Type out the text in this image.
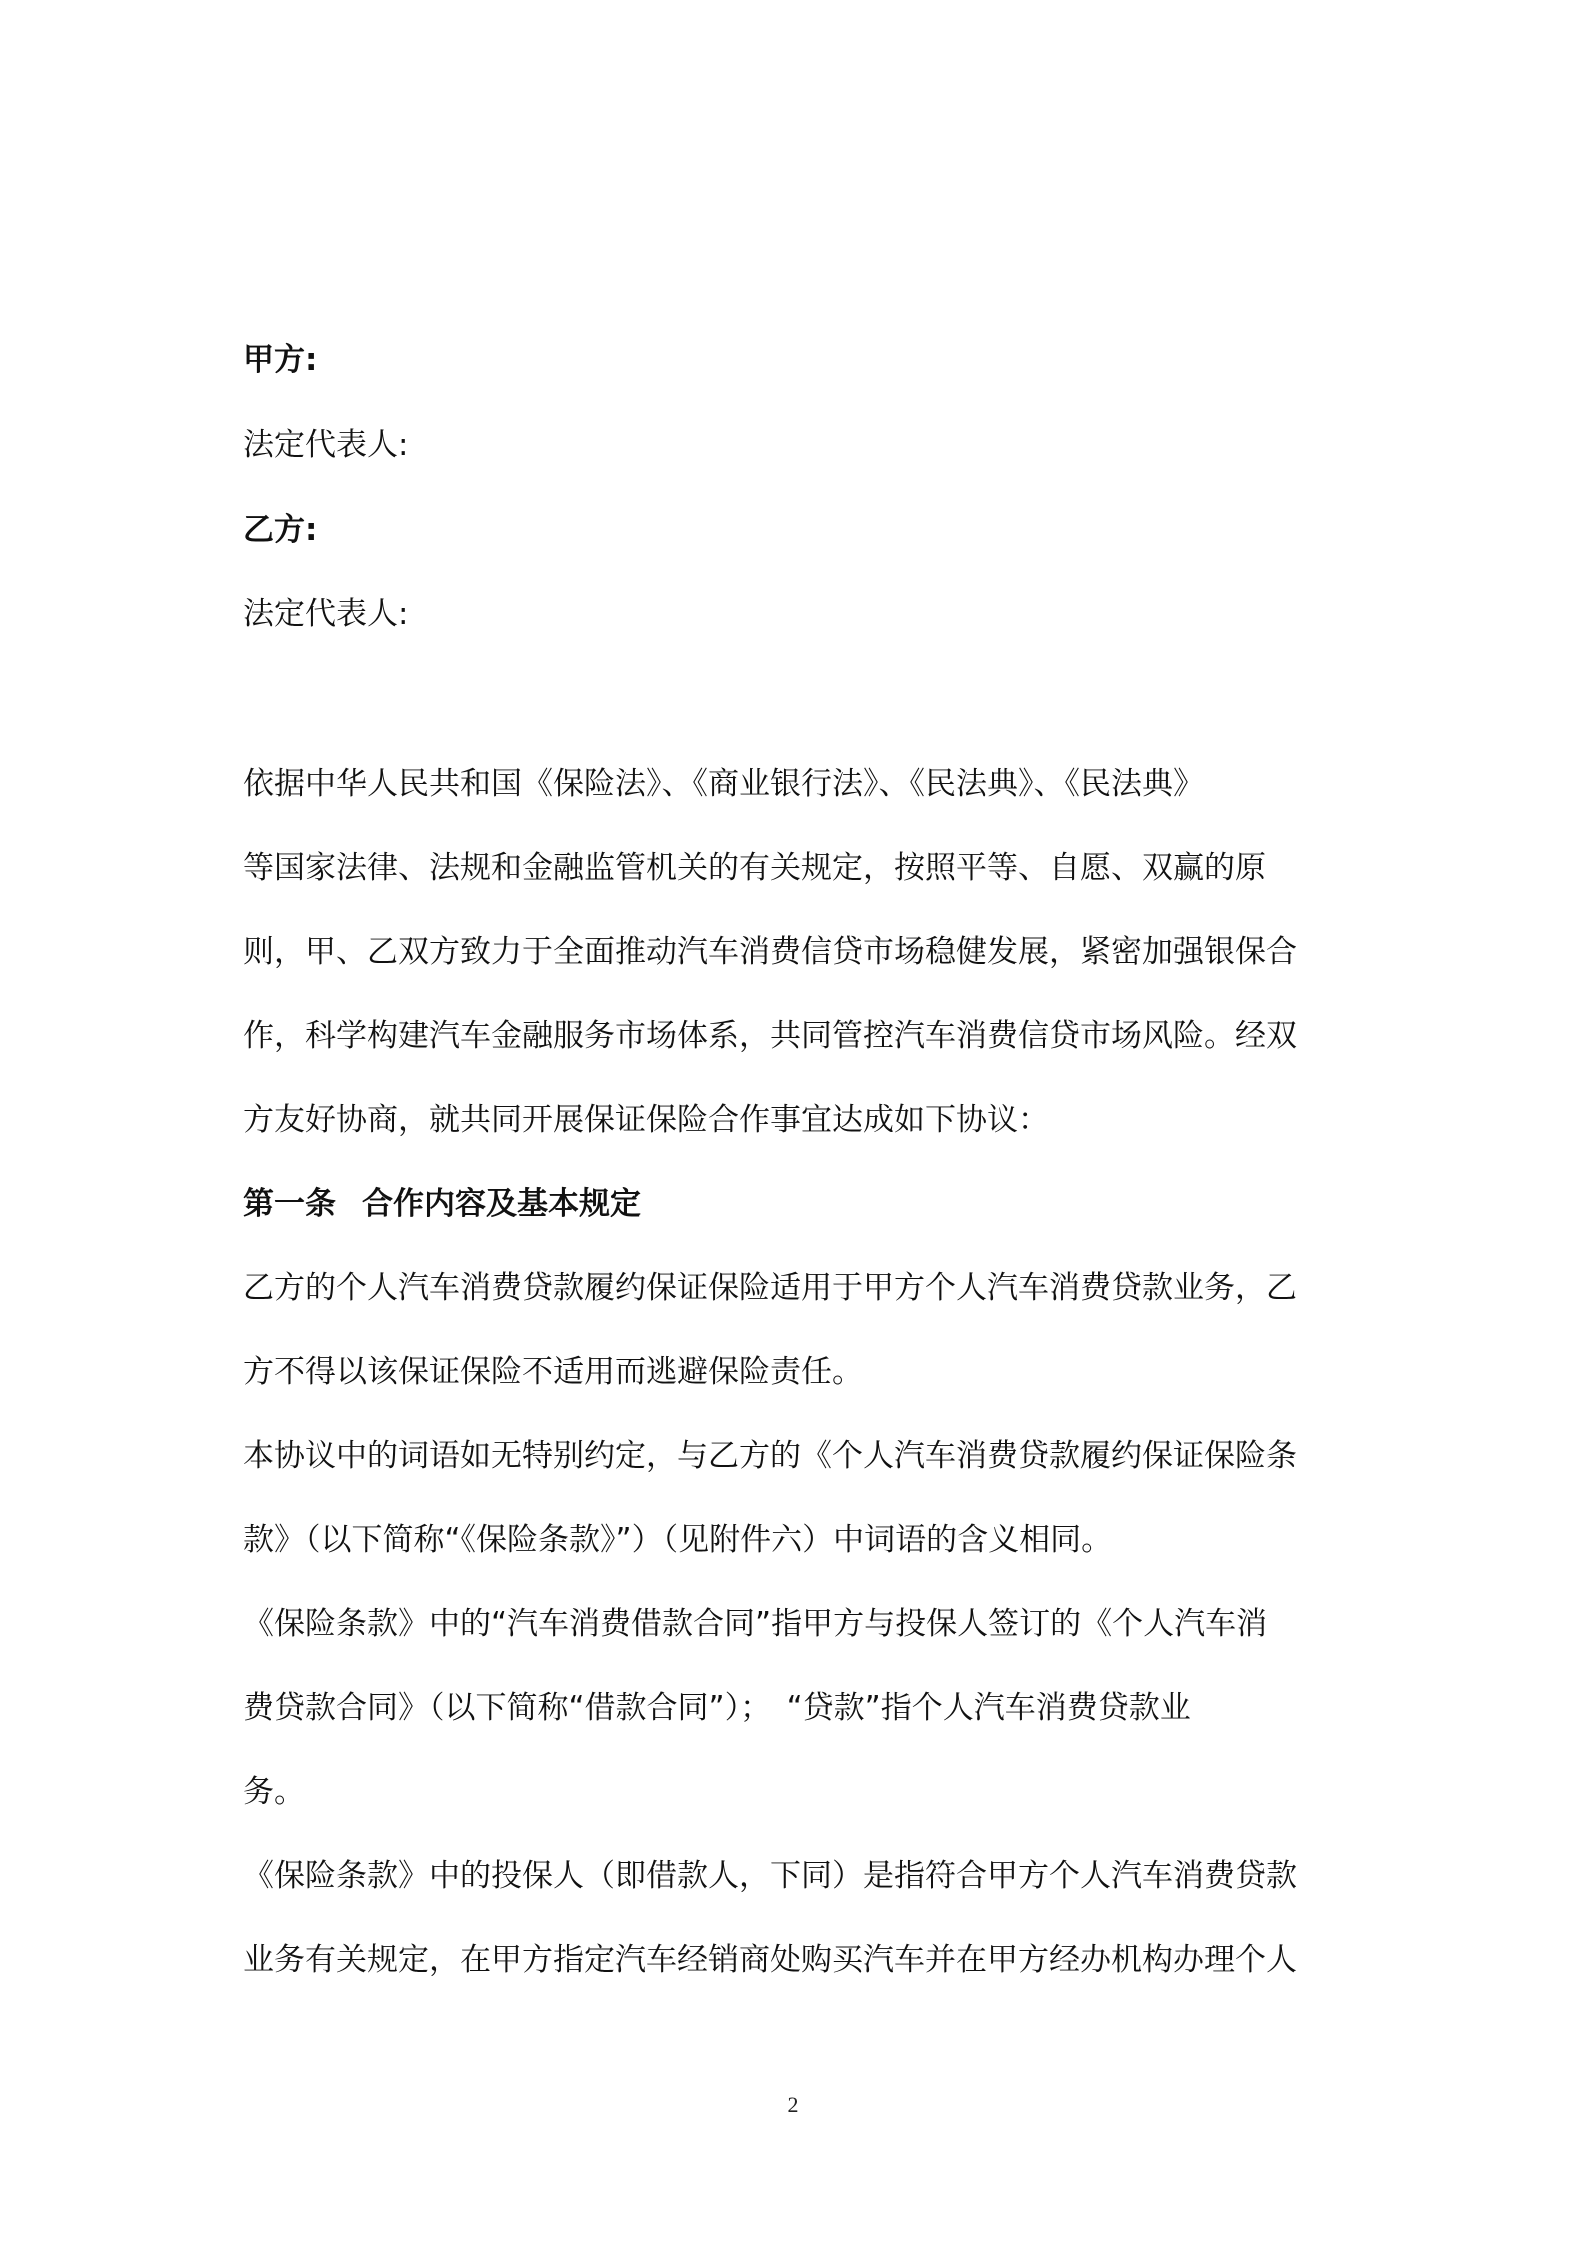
甲方:

法定代表人:

乙方:

法定代表人:

依据中华人民共和国《保险法》、《商业银行法》、《民法典》、《民法典》

等国家法律、法规和金融监管机关的有关规定，按照平等、自愿、双赢的原

则，甲、乙双方致力于全面推动汽车消费信贷市场稳健发展，紧密加强银保合

作，科学构建汽车金融服务市场体系，共同管控汽车消费信贷市场风险。经双

方友好协商，就共同开展保证保险合作事宜达成如下协议：

第一条 合作内容及基本规定

乙方的个人汽车消费贷款履约保证保险适用于甲方个人汽车消费贷款业务，乙

方不得以该保证保险不适用而逃避保险责任。

本协议中的词语如无特别约定，与乙方的《个人汽车消费贷款履约保证保险条

款》（以下简称“《保险条款》”）（见附件六）中词语的含义相同。

《保险条款》中的“汽车消费借款合同”指甲方与投保人签订的《个人汽车消

费贷款合同》（以下简称“借款合同”）；　“贷款”指个人汽车消费贷款业

务。

《保险条款》中的投保人（即借款人，下同）是指符合甲方个人汽车消费贷款

业务有关规定，在甲方指定汽车经销商处购买汽车并在甲方经办机构办理个人

2
